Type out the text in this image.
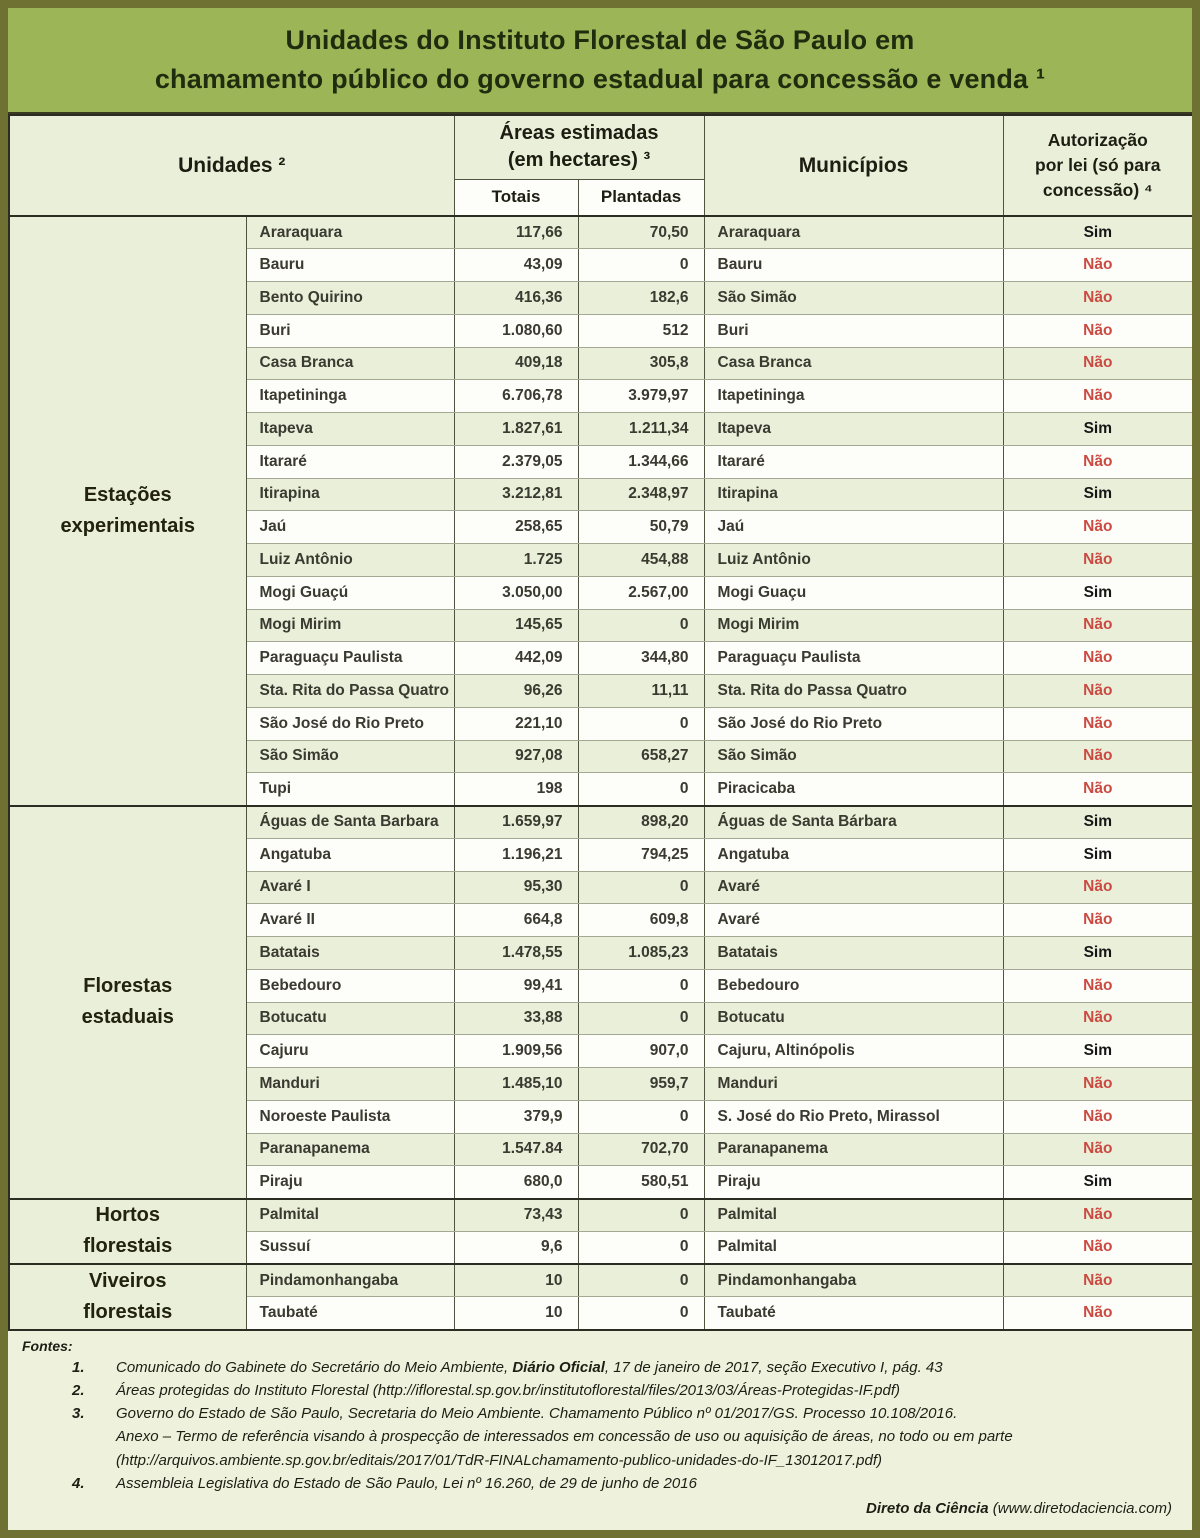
Unidades do Instituto Florestal de São Paulo em
chamamento público do governo estadual para concessão e venda ¹
Unidades ²	
Áreas estimadas
(em hectares) ³	Municípios	
Autorização
por lei (só para
concessão) ⁴

		Totais	Plantadas		

Estações
experimentais	Araraquara	117,66	70,50	Araraquara	Sim
	Bauru	43,09	0	Bauru	Não
	Bento Quirino	416,36	182,6	São Simão	Não
	Buri	1.080,60	512	Buri	Não
	Casa Branca	409,18	305,8	Casa Branca	Não
	Itapetininga	6.706,78	3.979,97	Itapetininga	Não
	Itapeva	1.827,61	1.211,34	Itapeva	Sim
	Itararé	2.379,05	1.344,66	Itararé	Não
	Itirapina	3.212,81	2.348,97	Itirapina	Sim
	Jaú	258,65	50,79	Jaú	Não
	Luiz Antônio	1.725	454,88	Luiz Antônio	Não
	Mogi Guaçú	3.050,00	2.567,00	Mogi Guaçu	Sim
	Mogi Mirim	145,65	0	Mogi Mirim	Não
	Paraguaçu Paulista	442,09	344,80	Paraguaçu Paulista	Não
	Sta. Rita do Passa Quatro	96,26	11,11	Sta. Rita do Passa Quatro	Não
	São José do Rio Preto	221,10	0	São José do Rio Preto	Não
	São Simão	927,08	658,27	São Simão	Não
	Tupi	198	0	Piracicaba	Não

Florestas
estaduais	Águas de Santa Barbara	1.659,97	898,20	Águas de Santa Bárbara	Sim
	Angatuba	1.196,21	794,25	Angatuba	Sim
	Avaré I	95,30	0	Avaré	Não
	Avaré II	664,8	609,8	Avaré	Não
	Batatais	1.478,55	1.085,23	Batatais	Sim
	Bebedouro	99,41	0	Bebedouro	Não
	Botucatu	33,88	0	Botucatu	Não
	Cajuru	1.909,56	907,0	Cajuru, Altinópolis	Sim
	Manduri	1.485,10	959,7	Manduri	Não
	Noroeste Paulista	379,9	0	S. José do Rio Preto, Mirassol	Não
	Paranapanema	1.547.84	702,70	Paranapanema	Não
	Piraju	680,0	580,51	Piraju	Sim

Hortos
florestais	Palmital	73,43	0	Palmital	Não
	Sussuí	9,6	0	Palmital	Não

Viveiros
florestais	Pindamonhangaba	10	0	Pindamonhangaba	Não
	Taubaté	10	0	Taubaté	Não
Fontes:
1.	Comunicado do Gabinete do Secretário do Meio Ambiente, Diário Oficial, 17 de janeiro de 2017, seção Executivo I, pág. 43
2.	Áreas protegidas do Instituto Florestal (http://iflorestal.sp.gov.br/institutoflorestal/files/2013/03/Áreas-Protegidas-IF.pdf)
3.	Governo do Estado de São Paulo, Secretaria do Meio Ambiente. Chamamento Público nº 01/2017/GS. Processo 10.108/2016.
Anexo – Termo de referência visando à prospecção de interessados em concessão de uso ou aquisição de áreas, no todo ou em parte
(http://arquivos.ambiente.sp.gov.br/editais/2017/01/TdR-FINALchamamento-publico-unidades-do-IF_13012017.pdf)
4.	Assembleia Legislativa do Estado de São Paulo, Lei nº 16.260, de 29 de junho de 2016
Direto da Ciência (www.diretodaciencia.com)
